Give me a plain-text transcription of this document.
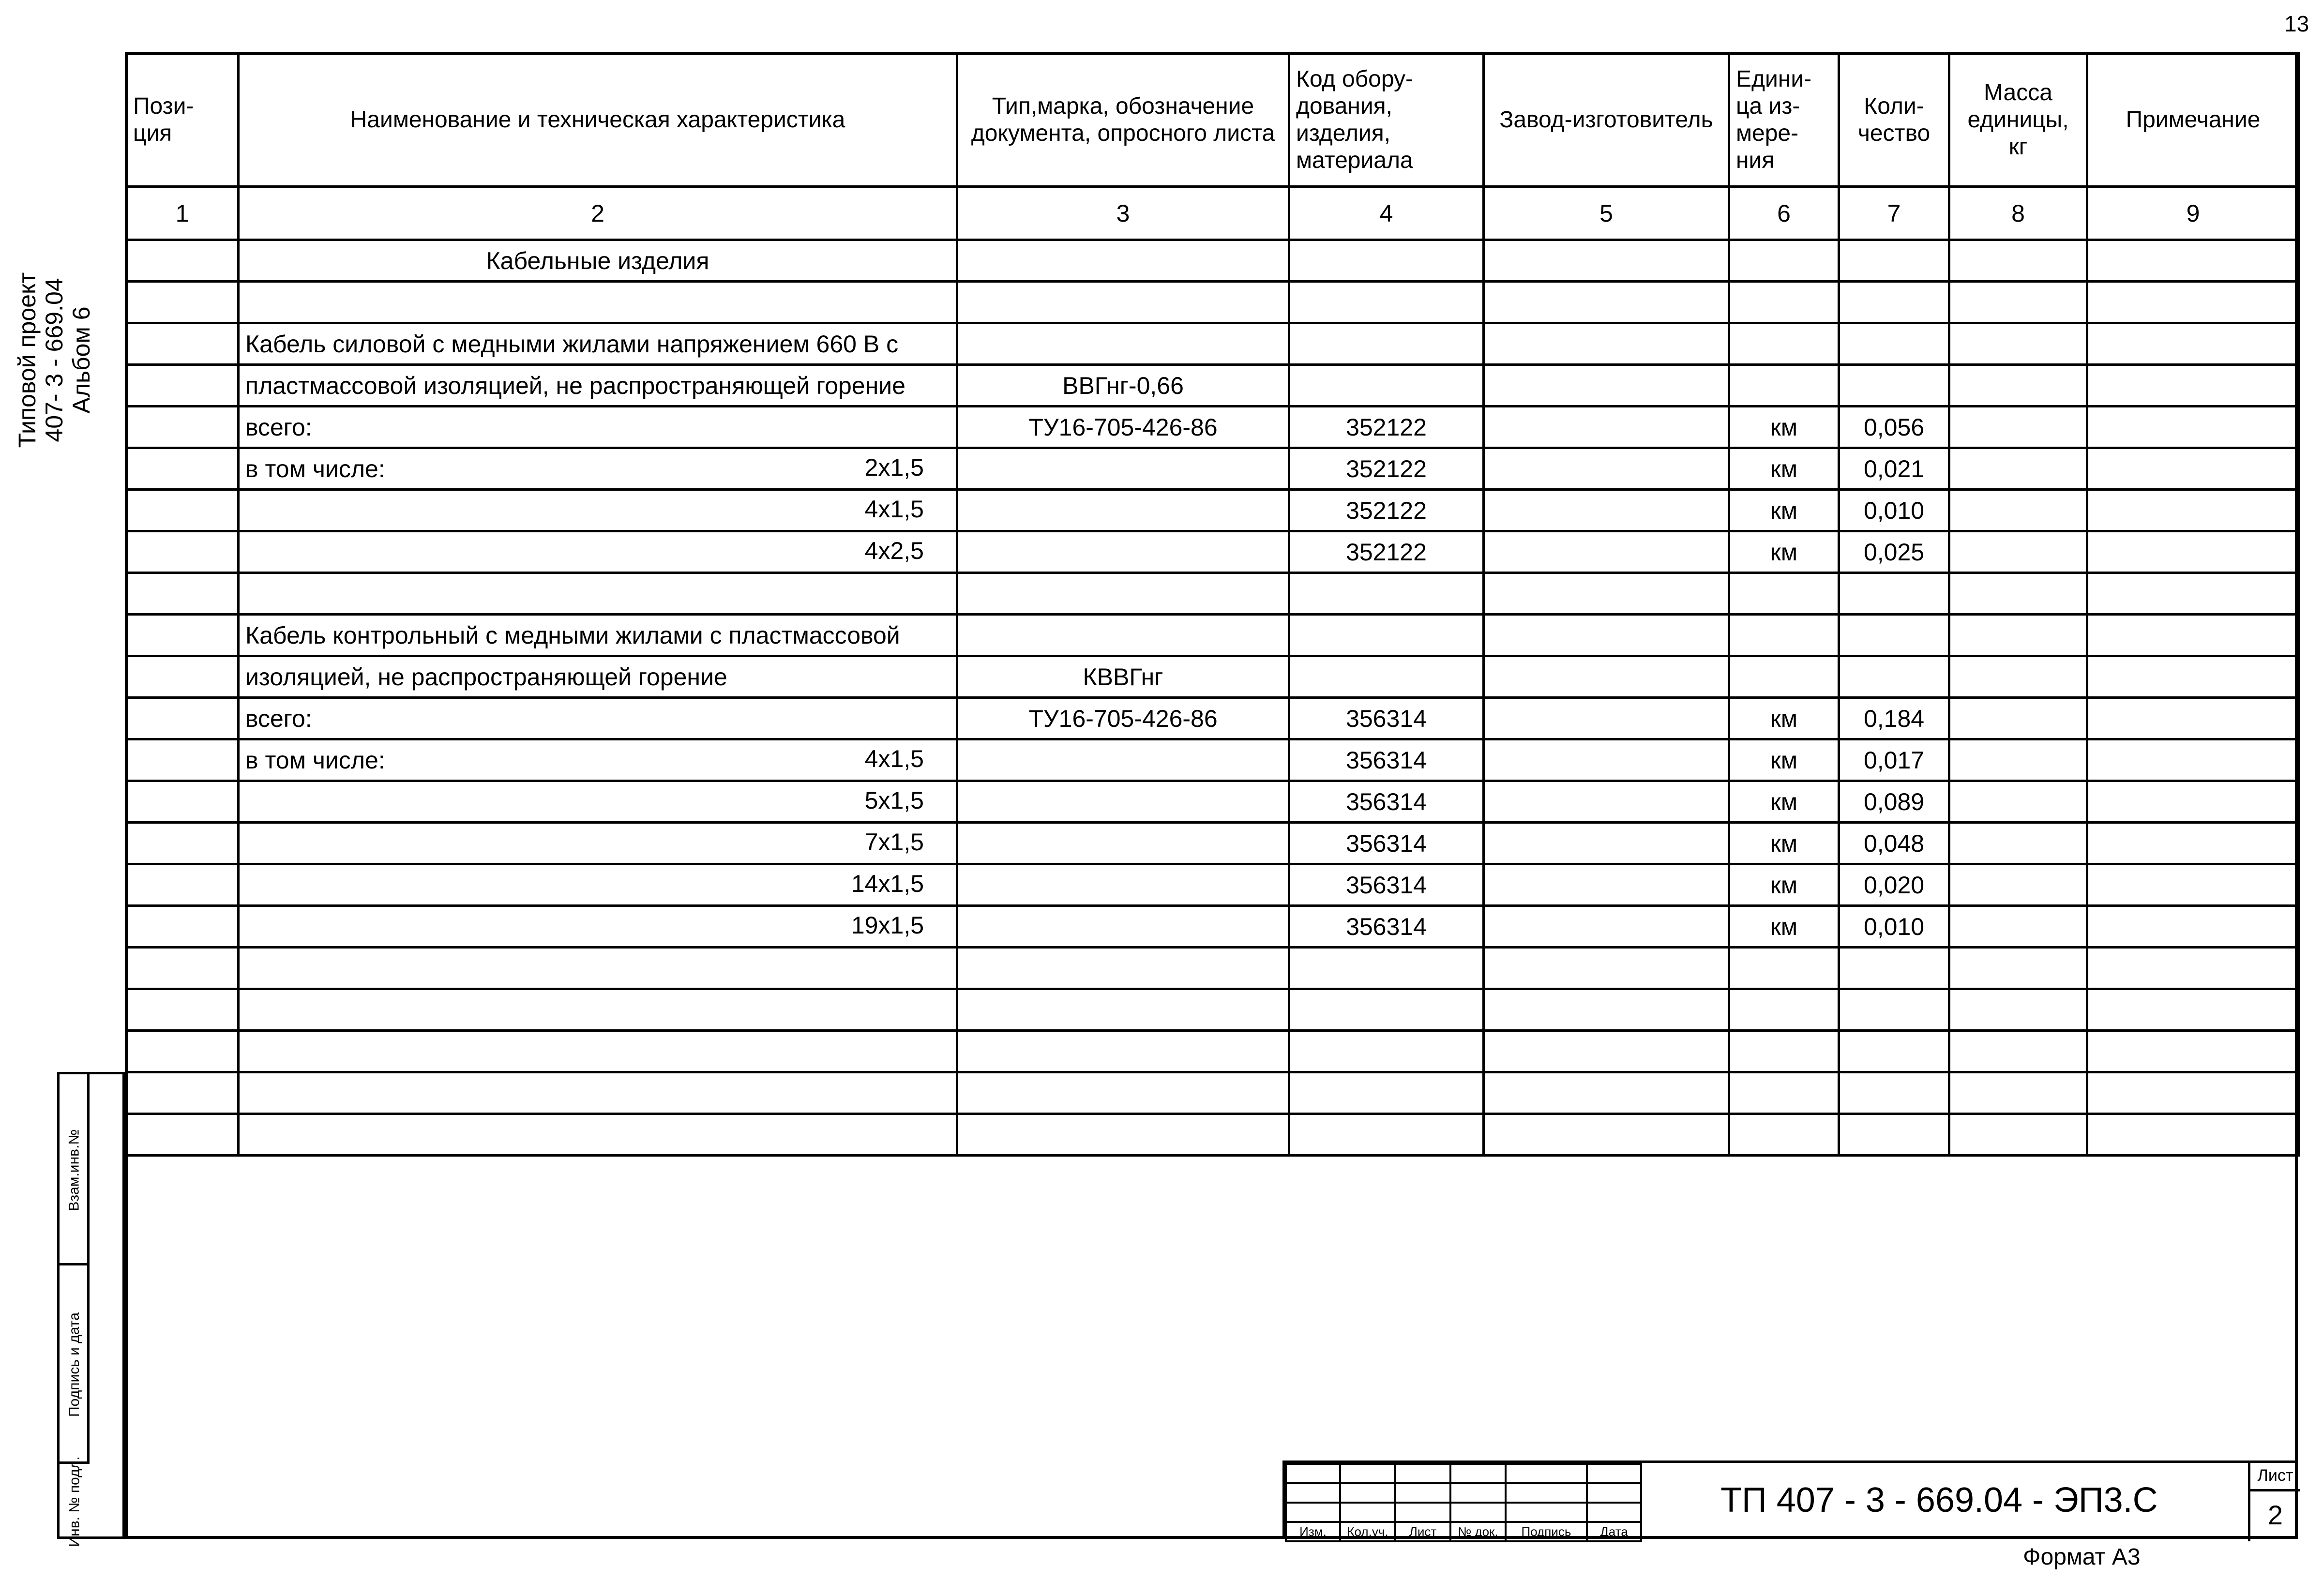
13
Типовой проект 407- 3 - 669.04 Альбом 6
Пози-ция	Наименование и техническая характеристика	Тип,марка, обозначение документа, опросного листа	Код обору-дования, изделия, материала	Завод-изготовитель	Едини-ца из-мере-ния	Коли-чество	Масса единицы, кг	Примечание
1	2	3	4	5	6	7	8	9
	Кабельные изделия							

	Кабель силовой с медными жилами напряжением 660 В с							
	пластмассовой изоляцией, не распространяющей горение	ВВГнг-0,66						
	всего:	ТУ16-705-426-86	352122		км	0,056		
	в том числе: 2х1,5		352122		км	0,021		

	4х1,5		352122		км	0,010		

	4х2,5		352122		км	0,025		

	Кабель контрольный с медными жилами с пластмассовой							
	изоляцией, не распространяющей горение	КВВГнг						
	всего:	ТУ16-705-426-86	356314		км	0,184		
	в том числе: 4х1,5		356314		км	0,017		

	5х1,5		356314		км	0,089		

	7х1,5		356314		км	0,048		

	14х1,5		356314		км	0,020		

	19х1,5		356314		км	0,010		

Взам.инв.№
Подпись и дата
Инв. № подл.

						Изм.	Кол.уч.	Лист	№ док.	Подпись	Дата
ТП 407 - 3 - 669.04 - ЭП3.С
Лист
2
Формат А3
